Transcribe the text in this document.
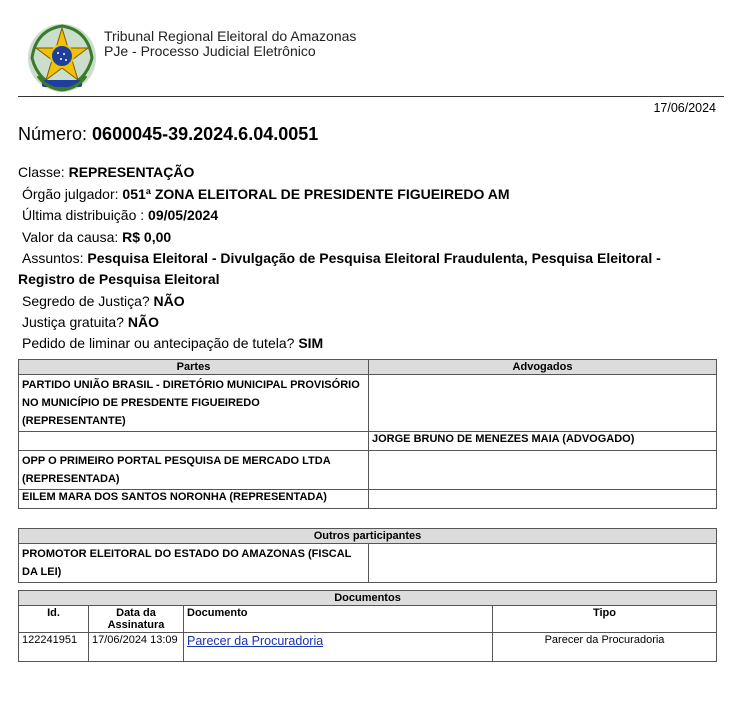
Tribunal Regional Eleitoral do Amazonas
PJe - Processo Judicial Eletrônico
17/06/2024
Número: 0600045-39.2024.6.04.0051
Classe: REPRESENTAÇÃO
Órgão julgador: 051ª ZONA ELEITORAL DE PRESIDENTE FIGUEIREDO AM
Última distribuição : 09/05/2024
Valor da causa: R$ 0,00
Assuntos: Pesquisa Eleitoral - Divulgação de Pesquisa Eleitoral Fraudulenta, Pesquisa Eleitoral -
Registro de Pesquisa Eleitoral
Segredo de Justiça? NÃO
Justiça gratuita? NÃO
Pedido de liminar ou antecipação de tutela? SIM
Partes	Advogados
PARTIDO UNIÃO BRASIL - DIRETÓRIO MUNICIPAL PROVISÓRIO NO MUNICÍPIO DE PRESDENTE FIGUEIREDO (REPRESENTANTE)	
	JORGE BRUNO DE MENEZES MAIA (ADVOGADO)
OPP O PRIMEIRO PORTAL PESQUISA DE MERCADO LTDA (REPRESENTADA)	
EILEM MARA DOS SANTOS NORONHA (REPRESENTADA)	
Outros participantes
PROMOTOR ELEITORAL DO ESTADO DO AMAZONAS (FISCAL DA LEI)	
Documentos			
Id.	Data da Assinatura	Documento	Tipo
122241951	17/06/2024 13:09	Parecer da Procuradoria	Parecer da Procuradoria
